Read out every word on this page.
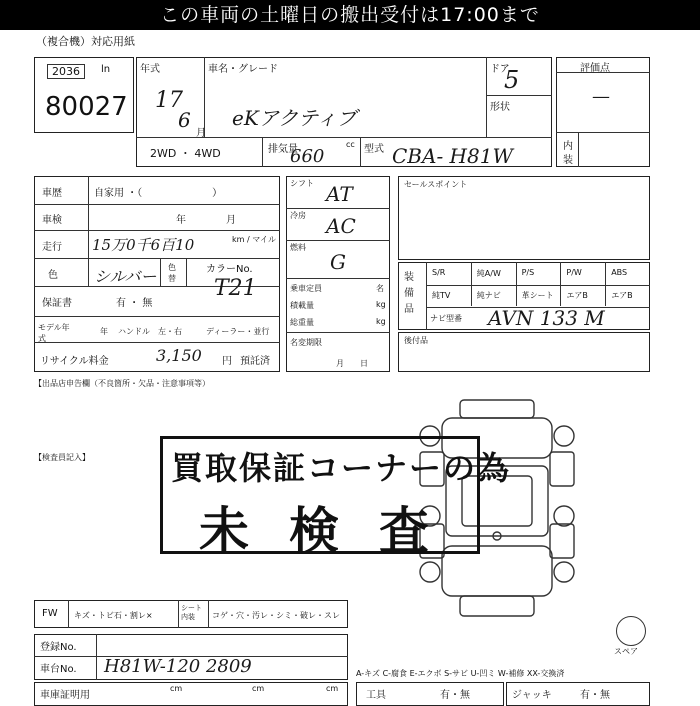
この車両の土曜日の搬出受付は17:00まで
（複合機）対応用紙
2036	ln
80027
年式
17
6
月
車名・グレード
eKアクティブ
ドア
5
形状
2WD ・ 4WD	排気量	cc
660	型式 CBA- H81W
評価点
—
内
装
車歴	自家用 ・（　　　　　　　）
車検	年　　　　月
走行 15万0千6百10	km / マイル
色 シルバー 色替
カラーNo.
T21
保証書	有 ・ 無
モデル年式
年 ハンドル　左・右	ディーラー・並行
リサイクル料金	3,150 円 預託済
シフト AT
冷房 AC
燃料
G
乗車定員
積載量
総重量
名
kg
kg
名変期限
月　　日
セールスポイント
装備品
S/R	純A/W	P/S	P/W	ABS
純TV	純ナビ	革シート エアB	エアB
ナビ型番 AVN 133 M
後付品
【出品店申告欄（不良箇所・欠品・注意事項等）
【検査員記入】
スペア
買取保証コーナーの為
未検査
FW キズ・トビ石・割レ×
シート内装	コゲ・穴・汚レ・シミ・破レ・スレ
登録No.
車台No. H81W-120 2809	A-キズ C-腐食 E-エクボ S-サビ U-凹ミ W-補修 XX-交換済
車庫証明用
cm	cm	cm
工具	有・無	ジャッキ	有・無
